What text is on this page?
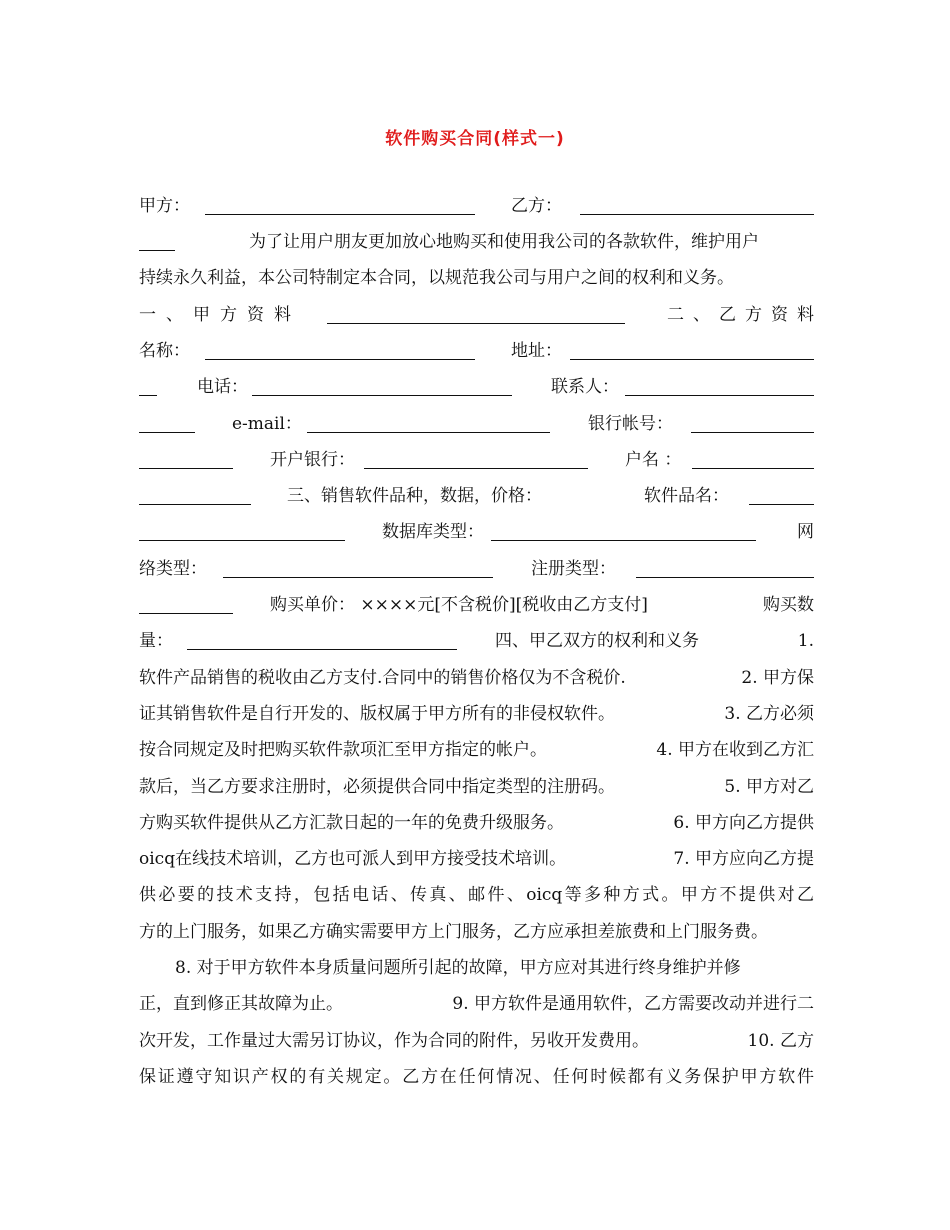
软件购买合同(样式一)
甲方：	乙方：
为了让用户朋友更加放心地购买和使用我公司的各款软件，维护用户
持续永久利益，本公司特制定本合同，以规范我公司与用户之间的权利和义务。
一、甲方资料	二、乙方资料
名称：	地址：
电话：	联系人：
e-mail：	银行帐号：
开户银行：	户名 ：
三、销售软件品种，数据，价格：	软件品名：
数据库类型：	网
络类型：	注册类型：
购买单价： ××××元[不含税价][税收由乙方支付]	购买数
量：	四、甲乙双方的权利和义务	1.
软件产品销售的税收由乙方支付.合同中的销售价格仅为不含税价.	2. 甲方保
证其销售软件是自行开发的、版权属于甲方所有的非侵权软件。	3. 乙方必须
按合同规定及时把购买软件款项汇至甲方指定的帐户。	4. 甲方在收到乙方汇
款后，当乙方要求注册时，必须提供合同中指定类型的注册码。	5. 甲方对乙
方购买软件提供从乙方汇款日起的一年的免费升级服务。	6. 甲方向乙方提供
oicq在线技术培训，乙方也可派人到甲方接受技术培训。	7. 甲方应向乙方提
供必要的技术支持，包括电话、传真、邮件、oicq等多种方式。甲方不提供对乙
方的上门服务，如果乙方确实需要甲方上门服务，乙方应承担差旅费和上门服务费。
8. 对于甲方软件本身质量问题所引起的故障，甲方应对其进行终身维护并修
正，直到修正其故障为止。	9. 甲方软件是通用软件，乙方需要改动并进行二
次开发，工作量过大需另订协议，作为合同的附件，另收开发费用。	10. 乙方
保证遵守知识产权的有关规定。乙方在任何情况、任何时候都有义务保护甲方软件
